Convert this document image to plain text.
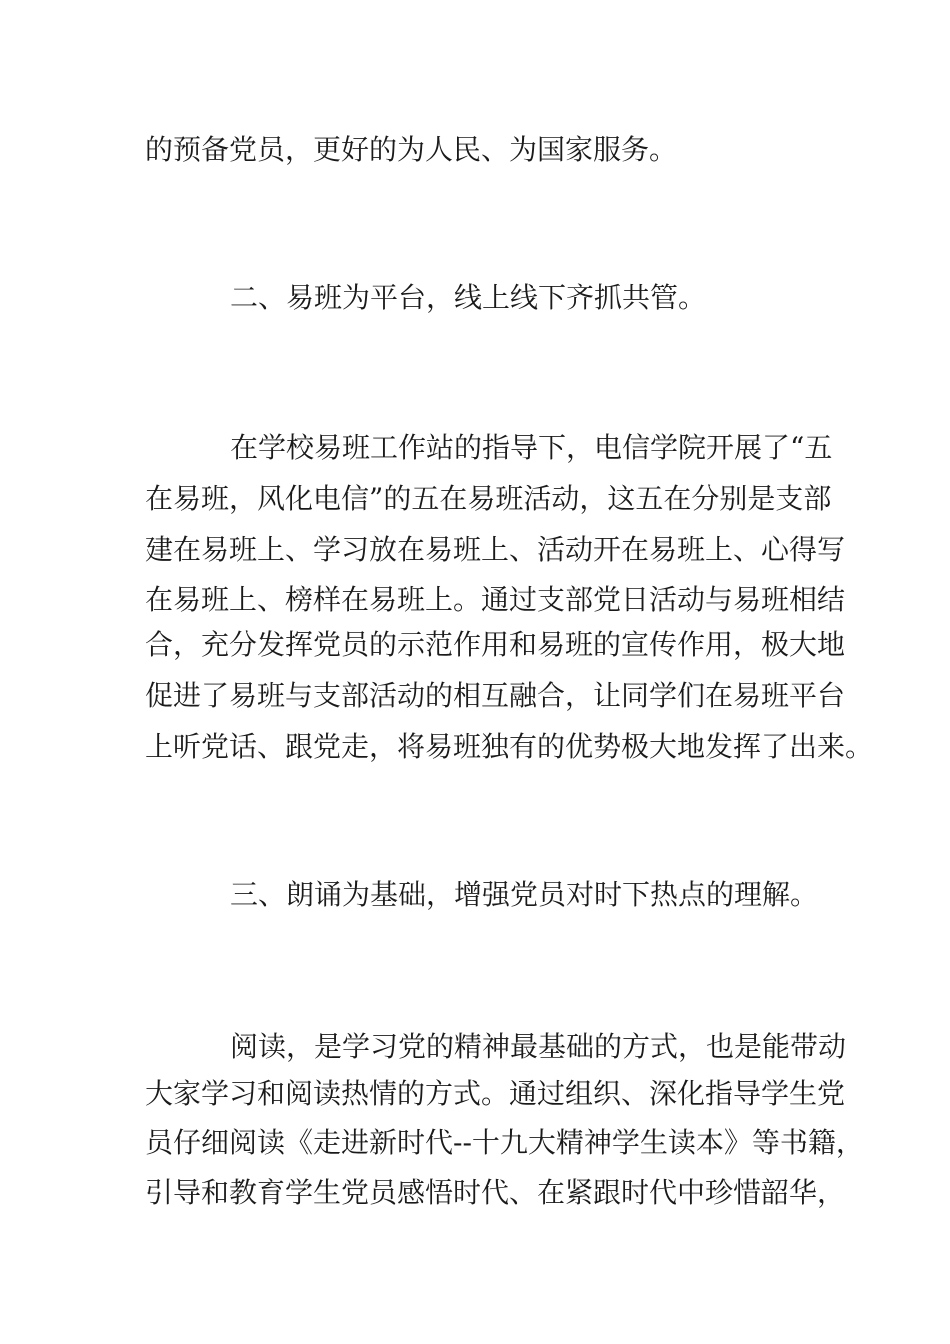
的预备党员，更好的为人民、为国家服务。
二、易班为平台，线上线下齐抓共管。
在学校易班工作站的指导下，电信学院开展了“五
在易班，风化电信”的五在易班活动，这五在分别是支部
建在易班上、学习放在易班上、活动开在易班上、心得写
在易班上、榜样在易班上。通过支部党日活动与易班相结
合，充分发挥党员的示范作用和易班的宣传作用，极大地
促进了易班与支部活动的相互融合，让同学们在易班平台
上听党话、跟党走，将易班独有的优势极大地发挥了出来。
三、朗诵为基础，增强党员对时下热点的理解。
阅读，是学习党的精神最基础的方式，也是能带动
大家学习和阅读热情的方式。通过组织、深化指导学生党
员仔细阅读《走进新时代--十九大精神学生读本》等书籍，
引导和教育学生党员感悟时代、在紧跟时代中珍惜韶华，
